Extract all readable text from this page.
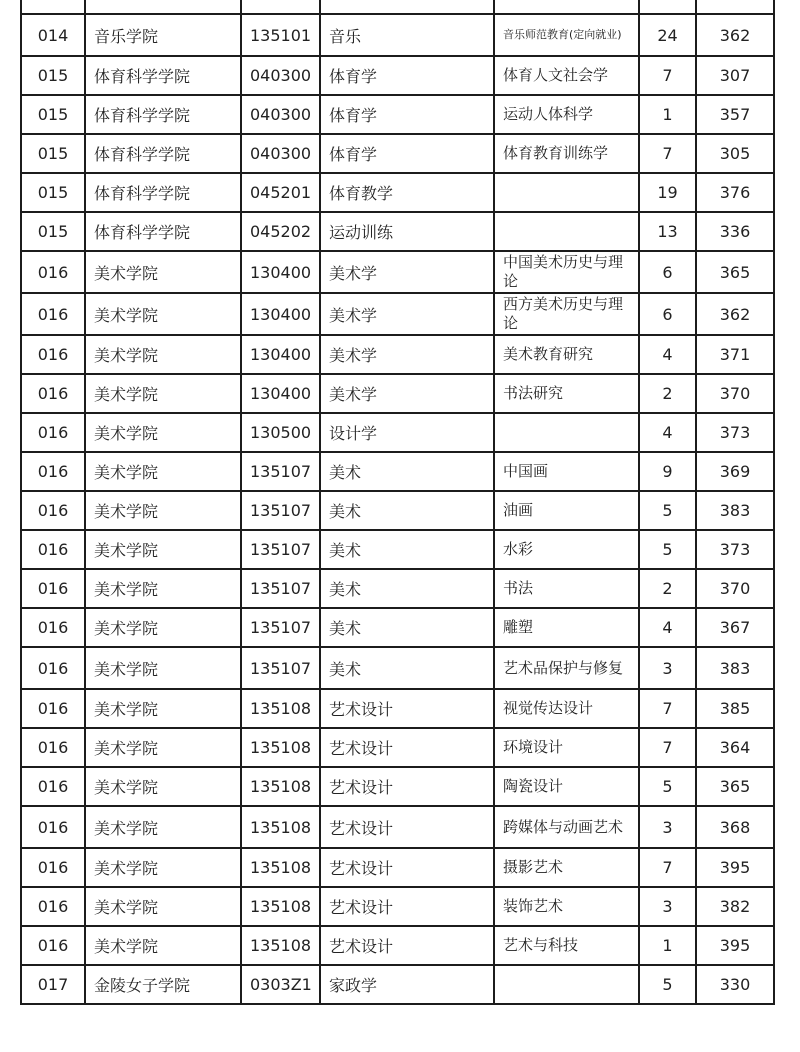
014	音乐学院	135101	音乐	音乐师范教育(定向就业)	24	362
015	体育科学学院	040300	体育学	体育人文社会学	7	307
015	体育科学学院	040300	体育学	运动人体科学	1	357
015	体育科学学院	040300	体育学	体育教育训练学	7	305
015	体育科学学院	045201	体育教学		19	376
015	体育科学学院	045202	运动训练		13	336
016	美术学院	130400	美术学	中国美术历史与理论	6	365
016	美术学院	130400	美术学	西方美术历史与理论	6	362
016	美术学院	130400	美术学	美术教育研究	4	371
016	美术学院	130400	美术学	书法研究	2	370
016	美术学院	130500	设计学		4	373
016	美术学院	135107	美术	中国画	9	369
016	美术学院	135107	美术	油画	5	383
016	美术学院	135107	美术	水彩	5	373
016	美术学院	135107	美术	书法	2	370
016	美术学院	135107	美术	雕塑	4	367
016	美术学院	135107	美术	艺术品保护与修复	3	383
016	美术学院	135108	艺术设计	视觉传达设计	7	385
016	美术学院	135108	艺术设计	环境设计	7	364
016	美术学院	135108	艺术设计	陶瓷设计	5	365
016	美术学院	135108	艺术设计	跨媒体与动画艺术	3	368
016	美术学院	135108	艺术设计	摄影艺术	7	395
016	美术学院	135108	艺术设计	装饰艺术	3	382
016	美术学院	135108	艺术设计	艺术与科技	1	395
017	金陵女子学院	0303Z1	家政学		5	330
